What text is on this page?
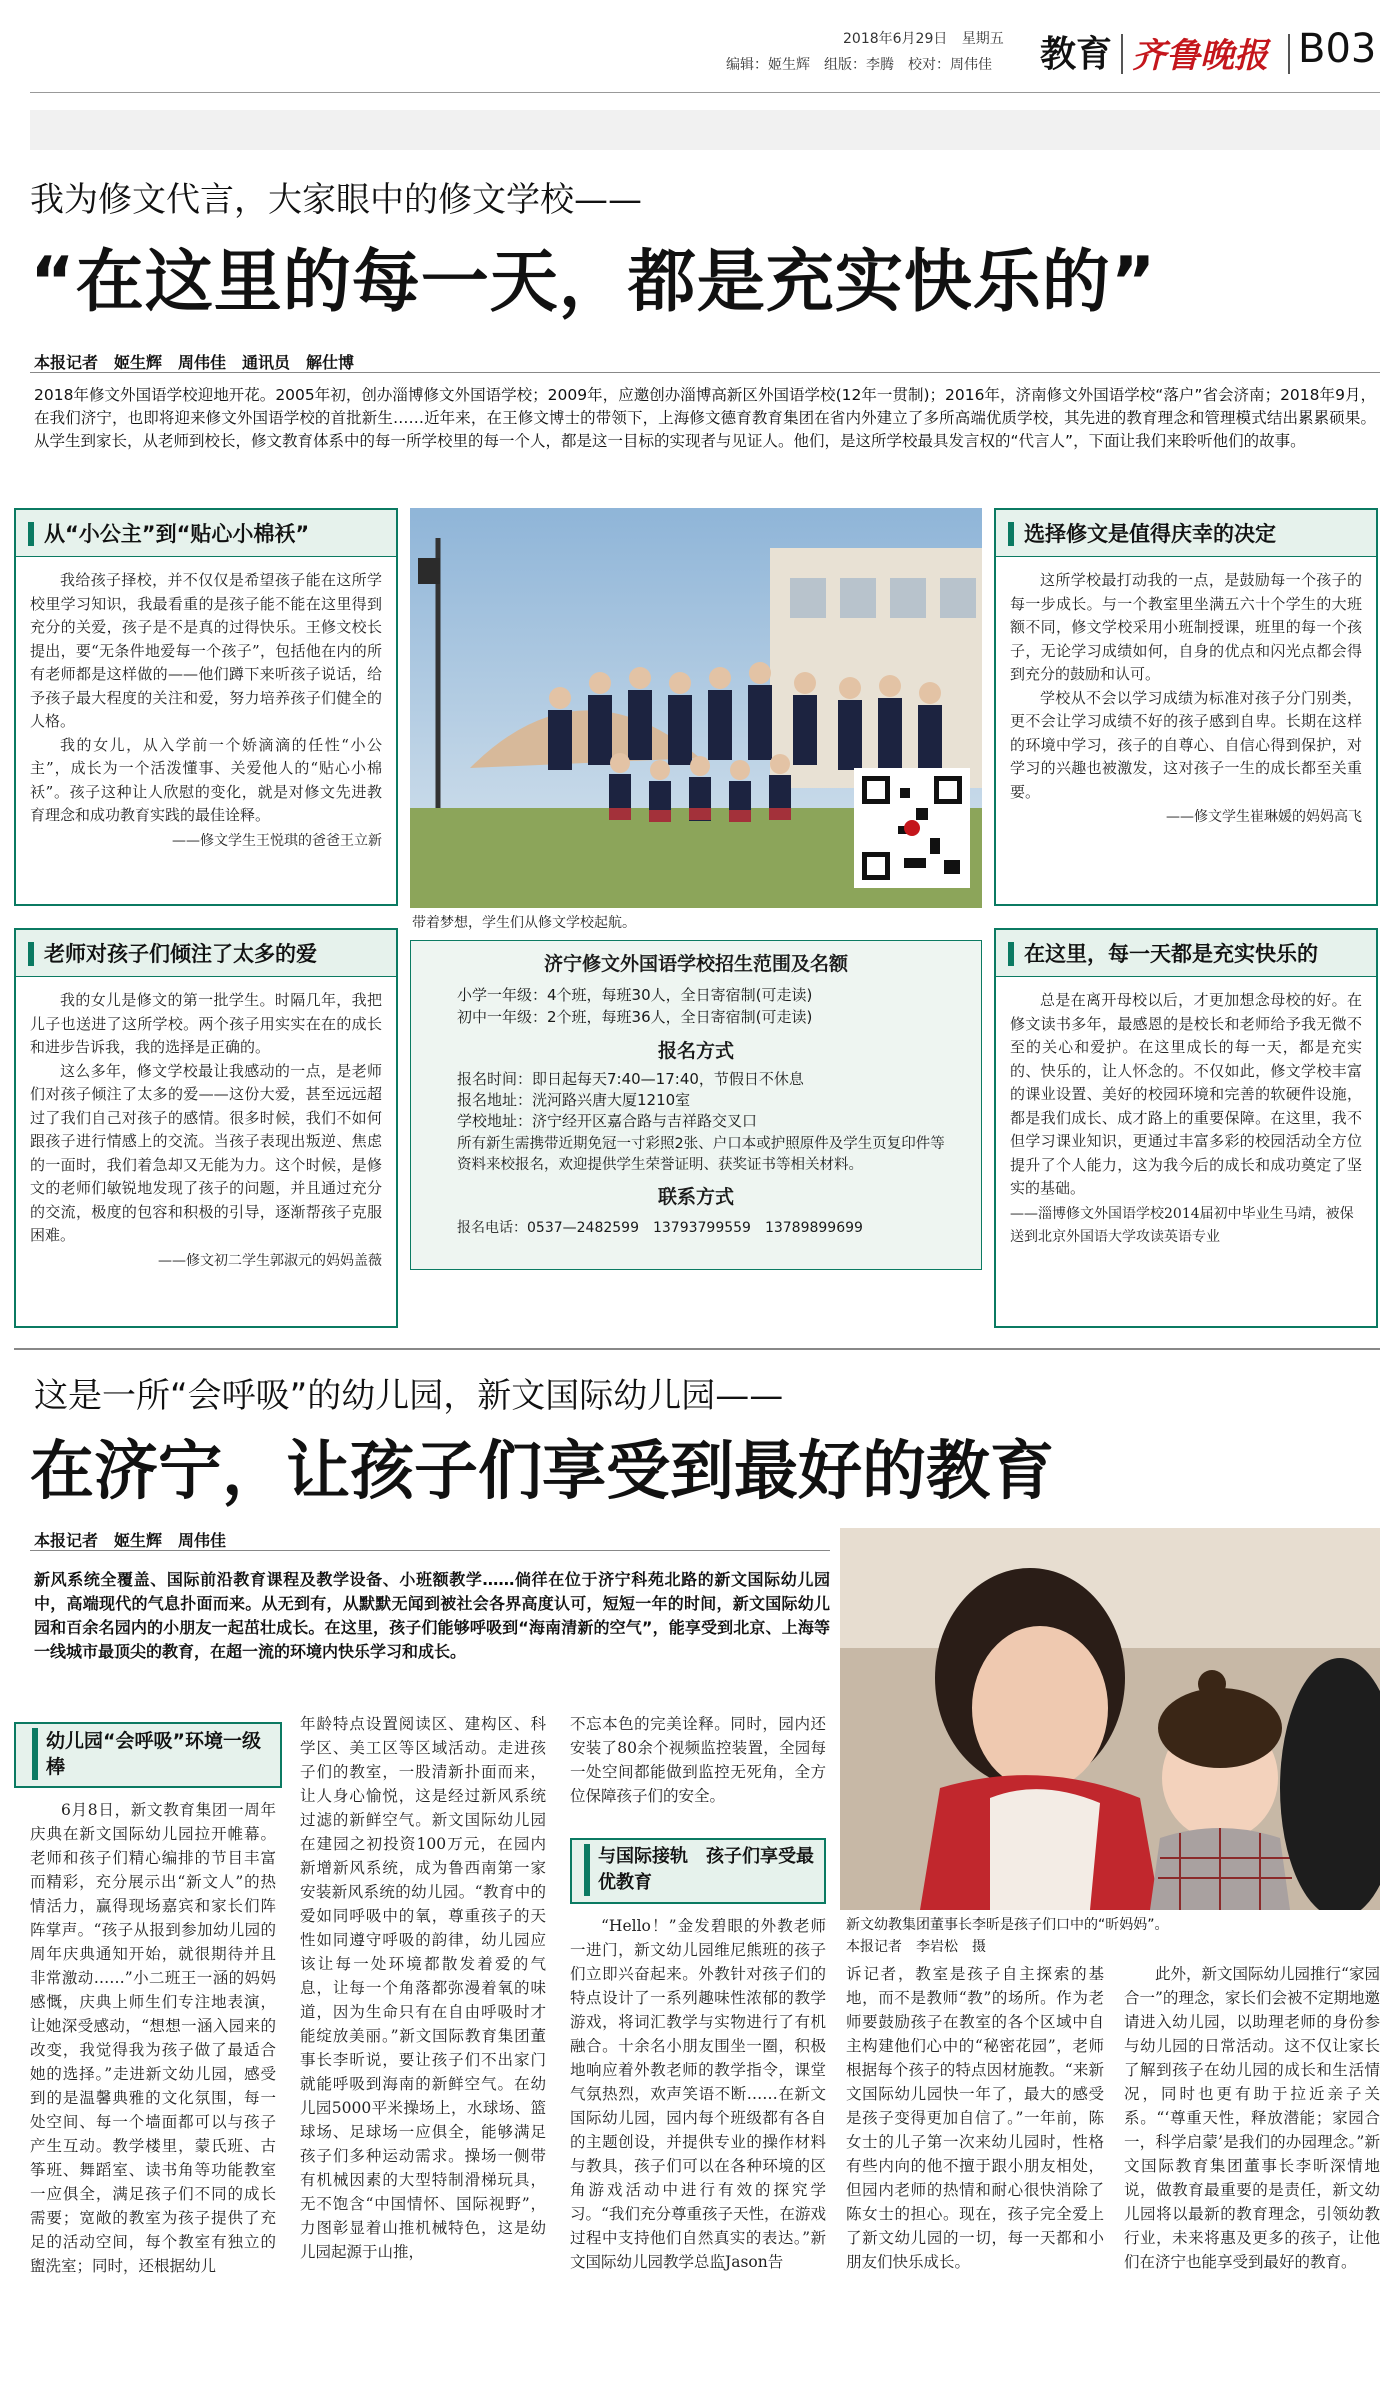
2018年6月29日 星期五
编辑：姬生辉　组版：李腾　校对：周伟佳 教育 齐鲁晚报 B03
我为修文代言，大家眼中的修文学校——
“在这里的每一天，都是充实快乐的”
本报记者　姬生辉　周伟佳　通讯员　解仕博
2018年修文外国语学校迎地开花。2005年初，创办淄博修文外国语学校；2009年，应邀创办淄博高新区外国语学校(12年一贯制)；2016年，济南修文外国语学校“落户”省会济南；2018年9月，在我们济宁，也即将迎来修文外国语学校的首批新生……近年来，在王修文博士的带领下，上海修文德育教育集团在省内外建立了多所高端优质学校，其先进的教育理念和管理模式结出累累硕果。从学生到家长，从老师到校长，修文教育体系中的每一所学校里的每一个人，都是这一目标的实现者与见证人。他们，是这所学校最具发言权的“代言人”，下面让我们来聆听他们的故事。
从“小公主”到“贴心小棉袄”

我给孩子择校，并不仅仅是希望孩子能在这所学校里学习知识，我最看重的是孩子能不能在这里得到充分的关爱，孩子是不是真的过得快乐。王修文校长提出，要“无条件地爱每一个孩子”，包括他在内的所有老师都是这样做的——他们蹲下来听孩子说话，给予孩子最大程度的关注和爱，努力培养孩子们健全的人格。

我的女儿，从入学前一个娇滴滴的任性“小公主”，成长为一个活泼懂事、关爱他人的“贴心小棉袄”。孩子这种让人欣慰的变化，就是对修文先进教育理念和成功教育实践的最佳诠释。

——修文学生王悦琪的爸爸王立新
老师对孩子们倾注了太多的爱

我的女儿是修文的第一批学生。时隔几年，我把儿子也送进了这所学校。两个孩子用实实在在的成长和进步告诉我，我的选择是正确的。

这么多年，修文学校最让我感动的一点，是老师们对孩子倾注了太多的爱——这份大爱，甚至远远超过了我们自己对孩子的感情。很多时候，我们不如何跟孩子进行情感上的交流。当孩子表现出叛逆、焦虑的一面时，我们着急却又无能为力。这个时候，是修文的老师们敏锐地发现了孩子的问题，并且通过充分的交流，极度的包容和积极的引导，逐渐帮孩子克服困难。

——修文初二学生郭淑元的妈妈盖薇
选择修文是值得庆幸的决定

这所学校最打动我的一点，是鼓励每一个孩子的每一步成长。与一个教室里坐满五六十个学生的大班额不同，修文学校采用小班制授课，班里的每一个孩子，无论学习成绩如何，自身的优点和闪光点都会得到充分的鼓励和认可。

学校从不会以学习成绩为标准对孩子分门别类，更不会让学习成绩不好的孩子感到自卑。长期在这样的环境中学习，孩子的自尊心、自信心得到保护，对学习的兴趣也被激发，这对孩子一生的成长都至关重要。

——修文学生崔琳媛的妈妈高飞
在这里，每一天都是充实快乐的

总是在离开母校以后，才更加想念母校的好。在修文读书多年，最感恩的是校长和老师给予我无微不至的关心和爱护。在这里成长的每一天，都是充实的、快乐的，让人怀念的。不仅如此，修文学校丰富的课业设置、美好的校园环境和完善的软硬件设施，都是我们成长、成才路上的重要保障。在这里，我不但学习课业知识，更通过丰富多彩的校园活动全方位提升了个人能力，这为我今后的成长和成功奠定了坚实的基础。

——淄博修文外国语学校2014届初中毕业生马靖，被保送到北京外国语大学攻读英语专业
带着梦想，学生们从修文学校起航。
济宁修文外国语学校招生范围及名额
小学一年级：4个班，每班30人，全日寄宿制(可走读)
初中一年级：2个班，每班36人，全日寄宿制(可走读)
报名方式
报名时间：即日起每天7:40—17:40，节假日不休息
报名地址：洸河路兴唐大厦1210室
学校地址：济宁经开区嘉合路与吉祥路交叉口
所有新生需携带近期免冠一寸彩照2张、户口本或护照原件及学生页复印件等资料来校报名，欢迎提供学生荣誉证明、获奖证书等相关材料。
联系方式
报名电话：0537—2482599　13793799559　13789899699
这是一所“会呼吸”的幼儿园，新文国际幼儿园——
在济宁，让孩子们享受到最好的教育
本报记者　姬生辉　周伟佳
新风系统全覆盖、国际前沿教育课程及教学设备、小班额教学……倘徉在位于济宁科苑北路的新文国际幼儿园中，高端现代的气息扑面而来。从无到有，从默默无闻到被社会各界高度认可，短短一年的时间，新文国际幼儿园和百余名园内的小朋友一起茁壮成长。在这里，孩子们能够呼吸到“海南清新的空气”，能享受到北京、上海等一线城市最顶尖的教育，在超一流的环境内快乐学习和成长。
新文幼教集团董事长李昕是孩子们口中的“昕妈妈”。
本报记者　李岩松　摄
幼儿园“会呼吸”环境一级棒

6月8日，新文教育集团一周年庆典在新文国际幼儿园拉开帷幕。老师和孩子们精心编排的节目丰富而精彩，充分展示出“新文人”的热情活力，赢得现场嘉宾和家长们阵阵掌声。“孩子从报到参加幼儿园的周年庆典通知开始，就很期待并且非常激动……”小二班王一涵的妈妈感慨，庆典上师生们专注地表演，让她深受感动，“想想一涵入园来的改变，我觉得我为孩子做了最适合她的选择。”走进新文幼儿园，感受到的是温馨典雅的文化氛围，每一处空间、每一个墙面都可以与孩子产生互动。教学楼里，蒙氏班、古筝班、舞蹈室、读书角等功能教室一应俱全，满足孩子们不同的成长需要；宽敞的教室为孩子提供了充足的活动空间，每个教室有独立的盥洗室；同时，还根据幼儿

年龄特点设置阅读区、建构区、科学区、美工区等区域活动。走进孩子们的教室，一股清新扑面而来，让人身心愉悦，这是经过新风系统过滤的新鲜空气。新文国际幼儿园在建园之初投资100万元，在园内新增新风系统，成为鲁西南第一家安装新风系统的幼儿园。“教育中的爱如同呼吸中的氧，尊重孩子的天性如同遵守呼吸的韵律，幼儿园应该让每一处环境都散发着爱的气息，让每一个角落都弥漫着氧的味道，因为生命只有在自由呼吸时才能绽放美丽。”新文国际教育集团董事长李昕说，要让孩子们不出家门就能呼吸到海南的新鲜空气。在幼儿园5000平米操场上，水球场、篮球场、足球场一应俱全，能够满足孩子们多种运动需求。操场一侧带有机械因素的大型特制滑梯玩具，无不饱含“中国情怀、国际视野”，力图彰显着山推机械特色，这是幼儿园起源于山推，

不忘本色的完美诠释。同时，园内还安装了80余个视频监控装置，全园每一处空间都能做到监控无死角，全方位保障孩子们的安全。

与国际接轨　孩子们享受最优教育

“Hello！”金发碧眼的外教老师一进门，新文幼儿园维尼熊班的孩子们立即兴奋起来。外教针对孩子们的特点设计了一系列趣味性浓郁的教学游戏，将词汇教学与实物进行了有机融合。十余名小朋友围坐一圈，积极地响应着外教老师的教学指令，课堂气氛热烈，欢声笑语不断……在新文国际幼儿园，园内每个班级都有各自的主题创设，并提供专业的操作材料与教具，孩子们可以在各种环境的区角游戏活动中进行有效的探究学习。“我们充分尊重孩子天性，在游戏过程中支持他们自然真实的表达。”新文国际幼儿园教学总监Jason告

诉记者，教室是孩子自主探索的基地，而不是教师“教”的场所。作为老师要鼓励孩子在教室的各个区域中自主构建他们心中的“秘密花园”，老师根据每个孩子的特点因材施教。“来新文国际幼儿园快一年了，最大的感受是孩子变得更加自信了。”一年前，陈女士的儿子第一次来幼儿园时，性格有些内向的他不擅于跟小朋友相处，但园内老师的热情和耐心很快消除了陈女士的担心。现在，孩子完全爱上了新文幼儿园的一切，每一天都和小朋友们快乐成长。

此外，新文国际幼儿园推行“家园合一”的理念，家长们会被不定期地邀请进入幼儿园，以助理老师的身份参与幼儿园的日常活动。这不仅让家长了解到孩子在幼儿园的成长和生活情况，同时也更有助于拉近亲子关系。“‘尊重天性，释放潜能；家园合一，科学启蒙’是我们的办园理念。”新文国际教育集团董事长李昕深情地说，做教育最重要的是责任，新文幼儿园将以最新的教育理念，引领幼教行业，未来将惠及更多的孩子，让他们在济宁也能享受到最好的教育。
